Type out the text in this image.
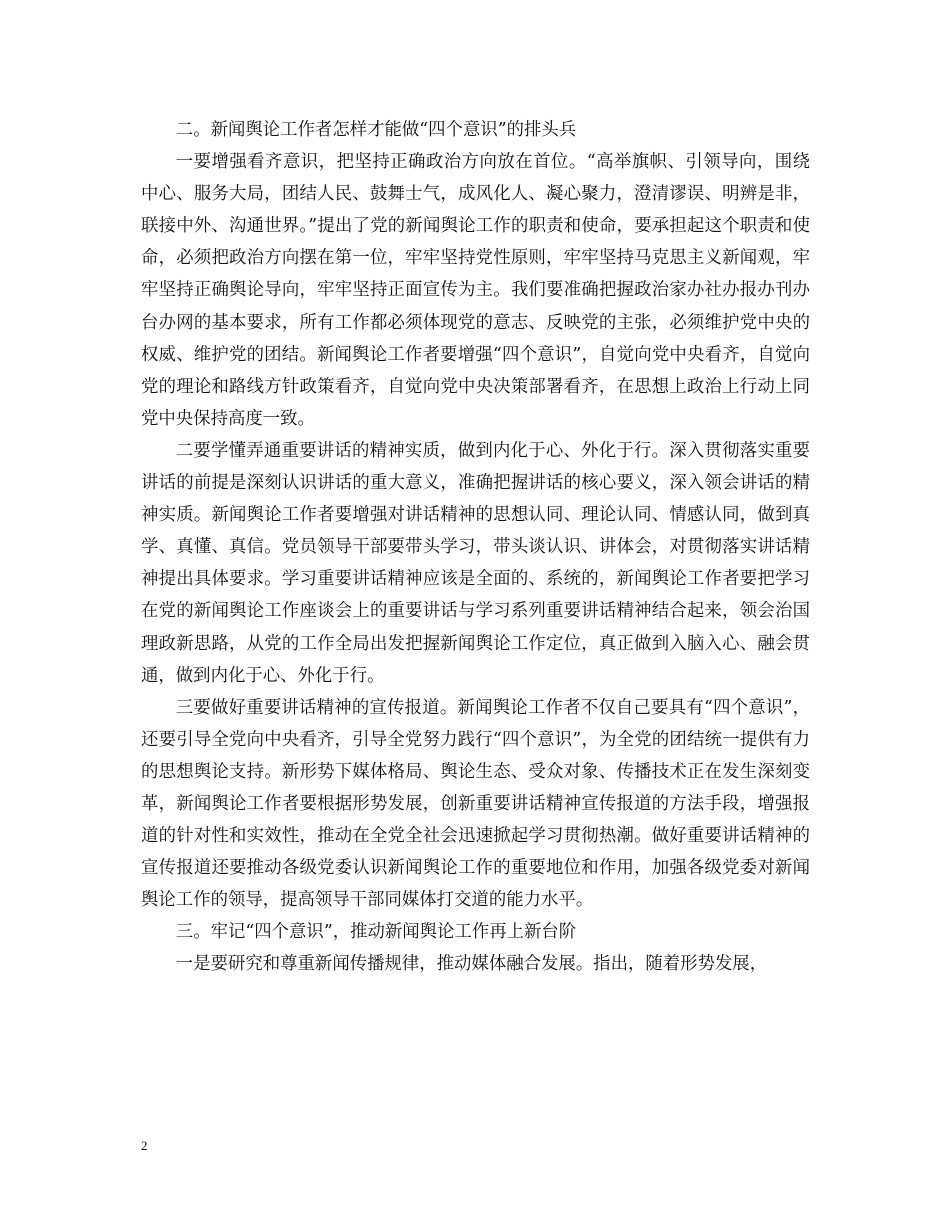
二。新闻舆论工作者怎样才能做“四个意识”的排头兵

一要增强看齐意识，把坚持正确政治方向放在首位。“高举旗帜、引领导向，围绕中心、服务大局，团结人民、鼓舞士气，成风化人、凝心聚力，澄清谬误、明辨是非，联接中外、沟通世界。”提出了党的新闻舆论工作的职责和使命，要承担起这个职责和使命，必须把政治方向摆在第一位，牢牢坚持党性原则，牢牢坚持马克思主义新闻观，牢牢坚持正确舆论导向，牢牢坚持正面宣传为主。我们要准确把握政治家办社办报办刊办台办网的基本要求，所有工作都必须体现党的意志、反映党的主张，必须维护党中央的权威、维护党的团结。新闻舆论工作者要增强“四个意识”，自觉向党中央看齐，自觉向党的理论和路线方针政策看齐，自觉向党中央决策部署看齐，在思想上政治上行动上同党中央保持高度一致。

二要学懂弄通重要讲话的精神实质，做到内化于心、外化于行。深入贯彻落实重要讲话的前提是深刻认识讲话的重大意义，准确把握讲话的核心要义，深入领会讲话的精神实质。新闻舆论工作者要增强对讲话精神的思想认同、理论认同、情感认同，做到真学、真懂、真信。党员领导干部要带头学习，带头谈认识、讲体会，对贯彻落实讲话精神提出具体要求。学习重要讲话精神应该是全面的、系统的，新闻舆论工作者要把学习在党的新闻舆论工作座谈会上的重要讲话与学习系列重要讲话精神结合起来，领会治国理政新思路，从党的工作全局出发把握新闻舆论工作定位，真正做到入脑入心、融会贯通，做到内化于心、外化于行。

三要做好重要讲话精神的宣传报道。新闻舆论工作者不仅自己要具有“四个意识”，还要引导全党向中央看齐，引导全党努力践行“四个意识”，为全党的团结统一提供有力的思想舆论支持。新形势下媒体格局、舆论生态、受众对象、传播技术正在发生深刻变革，新闻舆论工作者要根据形势发展，创新重要讲话精神宣传报道的方法手段，增强报道的针对性和实效性，推动在全党全社会迅速掀起学习贯彻热潮。做好重要讲话精神的宣传报道还要推动各级党委认识新闻舆论工作的重要地位和作用，加强各级党委对新闻舆论工作的领导，提高领导干部同媒体打交道的能力水平。

三。牢记“四个意识”，推动新闻舆论工作再上新台阶

一是要研究和尊重新闻传播规律，推动媒体融合发展。指出，随着形势发展，

2
